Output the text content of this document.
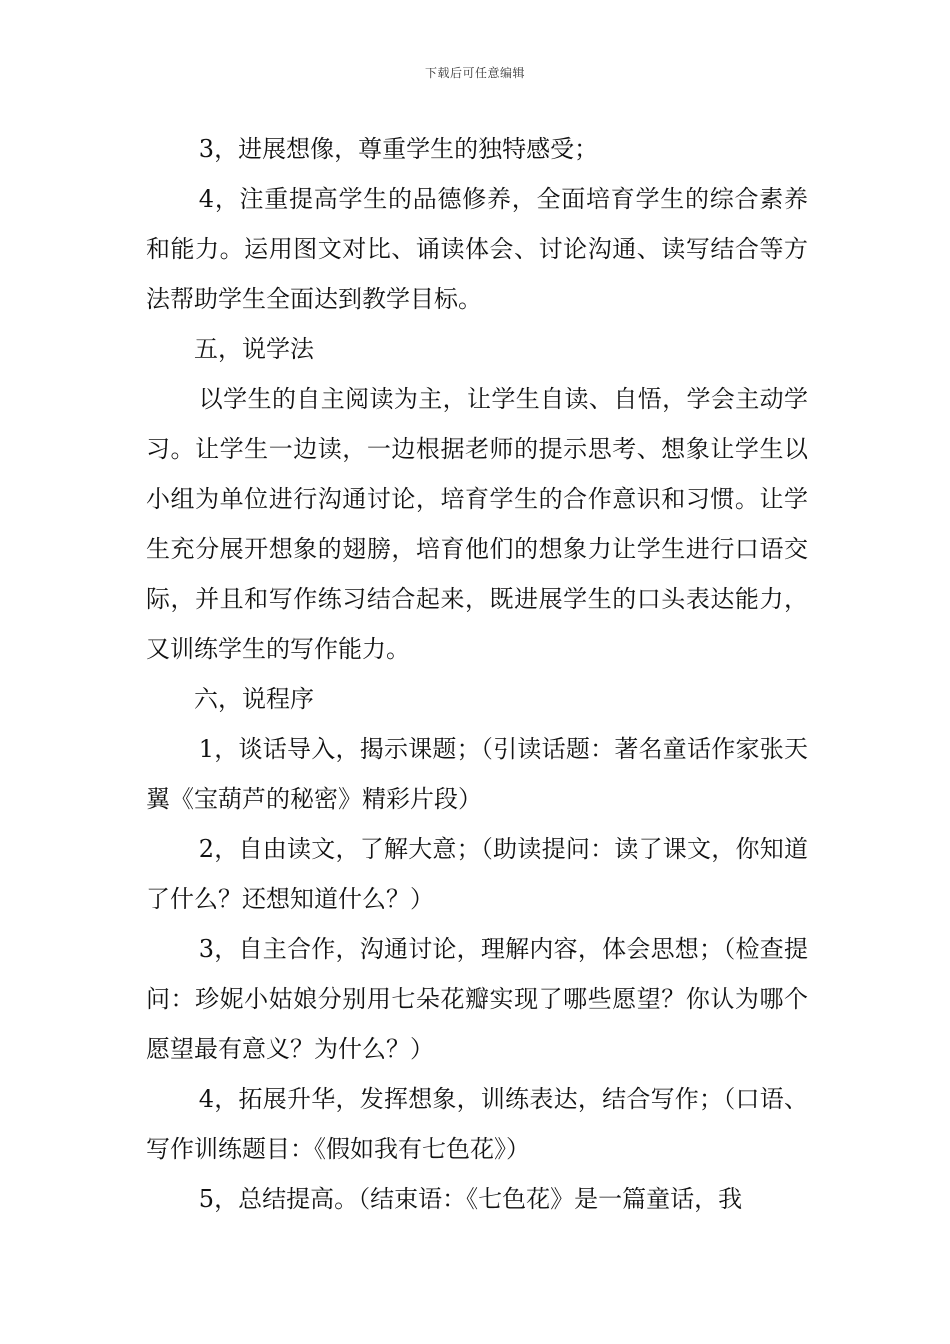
下载后可任意编辑

3，进展想像，尊重学生的独特感受；

4，注重提高学生的品德修养，全面培育学生的综合素养和能力。运用图文对比、诵读体会、讨论沟通、读写结合等方法帮助学生全面达到教学目标。

五，说学法

以学生的自主阅读为主，让学生自读、自悟，学会主动学习。让学生一边读，一边根据老师的提示思考、想象让学生以小组为单位进行沟通讨论，培育学生的合作意识和习惯。让学生充分展开想象的翅膀，培育他们的想象力让学生进行口语交际，并且和写作练习结合起来，既进展学生的口头表达能力，又训练学生的写作能力。

六，说程序

1，谈话导入，揭示课题；（引读话题：著名童话作家张天翼《宝葫芦的秘密》精彩片段）

2，自由读文，了解大意；（助读提问：读了课文，你知道了什么？还想知道什么？）

3，自主合作，沟通讨论，理解内容，体会思想；（检查提问：珍妮小姑娘分别用七朵花瓣实现了哪些愿望？你认为哪个愿望最有意义？为什么？）

4，拓展升华，发挥想象，训练表达，结合写作；（口语、写作训练题目：《假如我有七色花》）

5，总结提高。（结束语：《七色花》是一篇童话，我
